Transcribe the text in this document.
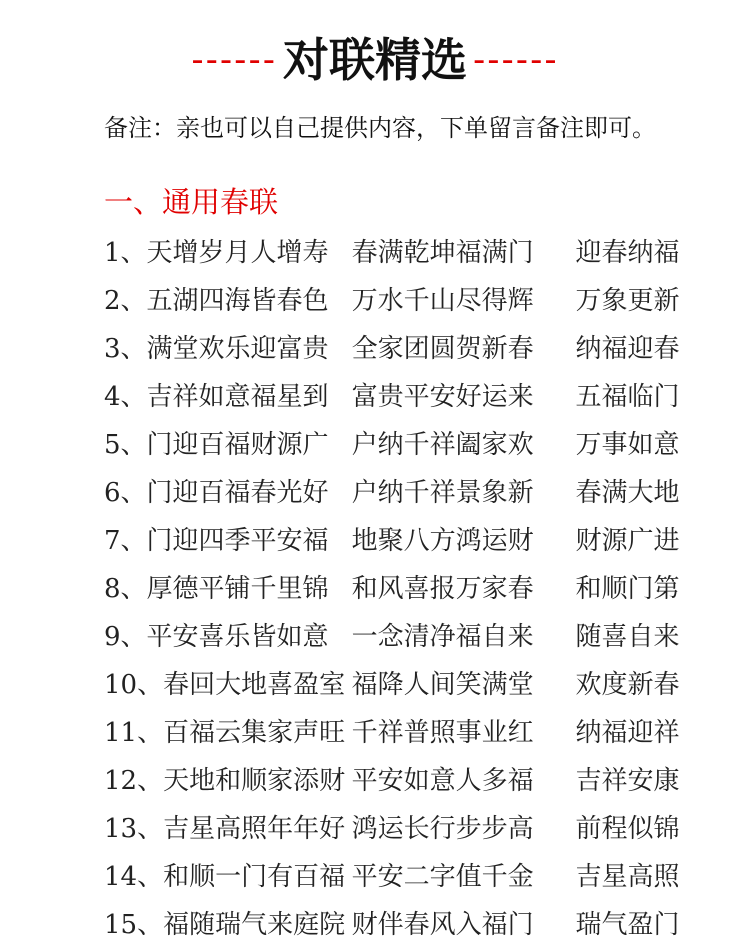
------ 对联精选 ------
备注：亲也可以自己提供内容，下单留言备注即可。
一、通用春联
1、天增岁月人增寿 春满乾坤福满门	迎春纳福
2、五湖四海皆春色 万水千山尽得辉	万象更新
3、满堂欢乐迎富贵 全家团圆贺新春	纳福迎春
4、吉祥如意福星到 富贵平安好运来	五福临门
5、门迎百福财源广 户纳千祥阖家欢	万事如意
6、门迎百福春光好 户纳千祥景象新	春满大地
7、门迎四季平安福 地聚八方鸿运财	财源广进
8、厚德平铺千里锦 和风喜报万家春	和顺门第
9、平安喜乐皆如意 一念清净福自来	随喜自来
10、春回大地喜盈室 福降人间笑满堂	欢度新春
11、百福云集家声旺 千祥普照事业红	纳福迎祥
12、天地和顺家添财 平安如意人多福	吉祥安康
13、吉星高照年年好 鸿运长行步步高	前程似锦
14、和顺一门有百福 平安二字值千金	吉星高照
15、福随瑞气来庭院 财伴春风入福门	瑞气盈门
